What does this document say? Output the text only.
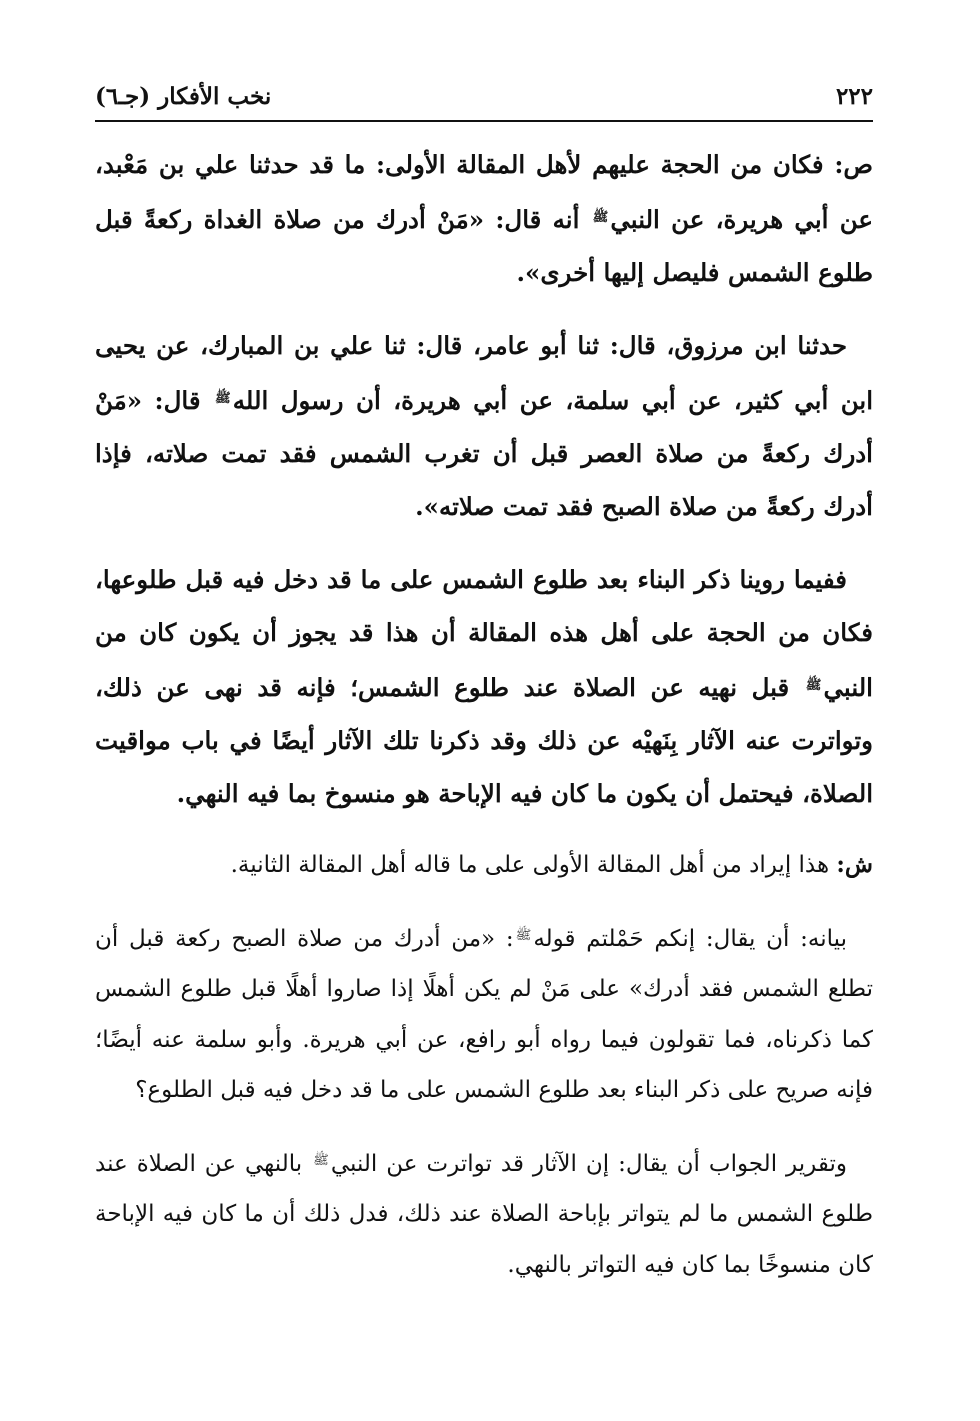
٢٢٢
نخب الأفكار (جـ٦)

ص: فكان من الحجة عليهم لأهل المقالة الأولى: ما قد حدثنا علي بن مَعْبد، عن أبي هريرة، عن النبي$^ﷺ$ أنه قال: «مَنْ أدرك من صلاة الغداة ركعةً قبل طلوع الشمس فليصل إليها أخرى».

حدثنا ابن مرزوق، قال: ثنا أبو عامر، قال: ثنا علي بن المبارك، عن يحيى ابن أبي كثير، عن أبي سلمة، عن أبي هريرة، أن رسول الله$^ﷺ$ قال: «مَنْ أدرك ركعةً من صلاة العصر قبل أن تغرب الشمس فقد تمت صلاته، فإذا أدرك ركعةً من صلاة الصبح فقد تمت صلاته».

ففيما روينا ذكر البناء بعد طلوع الشمس على ما قد دخل فيه قبل طلوعها، فكان من الحجة على أهل هذه المقالة أن هذا قد يجوز أن يكون كان من النبي$^ﷺ$ قبل نهيه عن الصلاة عند طلوع الشمس؛ فإنه قد نهى عن ذلك، وتواترت عنه الآثار بِنَهيْه عن ذلك وقد ذكرنا تلك الآثار أيضًا في باب مواقيت الصلاة، فيحتمل أن يكون ما كان فيه الإباحة هو منسوخ بما فيه النهي.

ش: هذا إيراد من أهل المقالة الأولى على ما قاله أهل المقالة الثانية.

بيانه: أن يقال: إنكم حَمْلتم قوله$^ﷺ$: «من أدرك من صلاة الصبح ركعة قبل أن تطلع الشمس فقد أدرك» على مَنْ لم يكن أهلًا إذا صاروا أهلًا قبل طلوع الشمس كما ذكرناه، فما تقولون فيما رواه أبو رافع، عن أبي هريرة. وأبو سلمة عنه أيضًا؛ فإنه صريح على ذكر البناء بعد طلوع الشمس على ما قد دخل فيه قبل الطلوع؟

وتقرير الجواب أن يقال: إن الآثار قد تواترت عن النبي$^ﷺ$ بالنهي عن الصلاة عند طلوع الشمس ما لم يتواتر بإباحة الصلاة عند ذلك، فدل ذلك أن ما كان فيه الإباحة كان منسوخًا بما كان فيه التواتر بالنهي.
